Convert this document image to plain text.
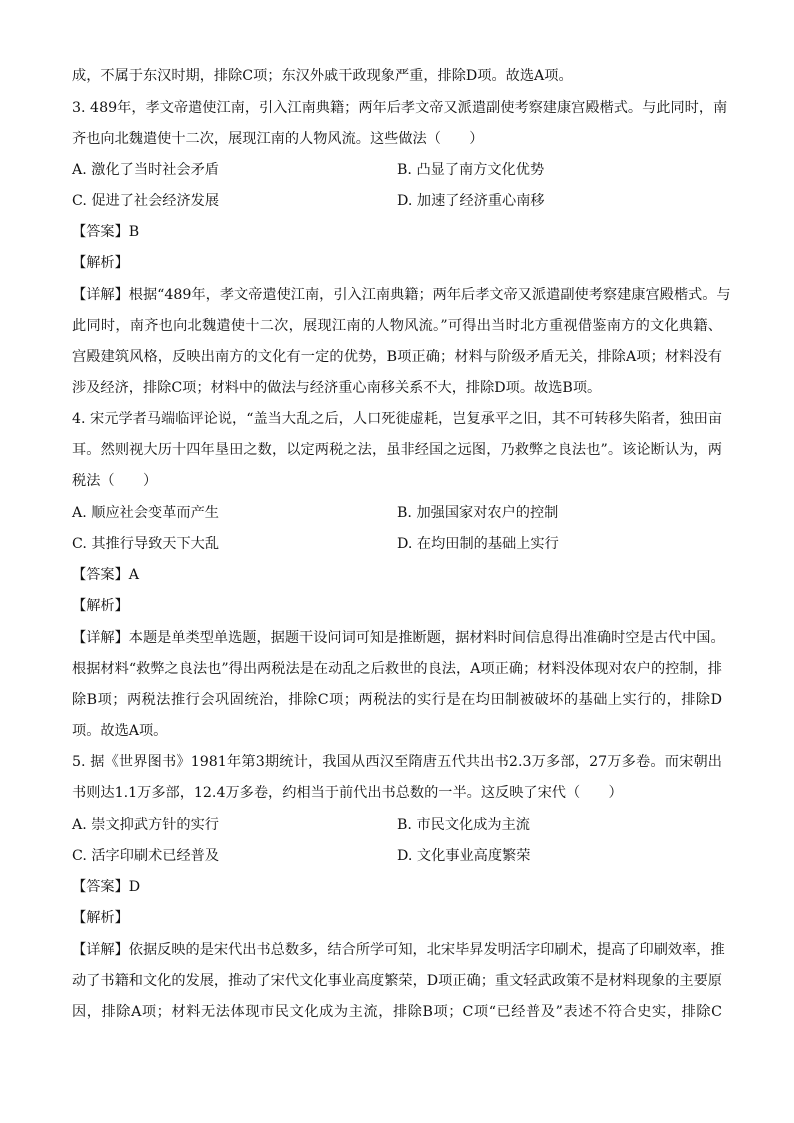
成，不属于东汉时期，排除C项；东汉外戚干政现象严重，排除D项。故选A项。
3. 489年，孝文帝遣使江南，引入江南典籍；两年后孝文帝又派遣副使考察建康宫殿楷式。与此同时，南
齐也向北魏遣使十二次，展现江南的人物风流。这些做法（　　）
A. 激化了当时社会矛盾	B. 凸显了南方文化优势
C. 促进了社会经济发展	D. 加速了经济重心南移
【答案】B
【解析】
【详解】根据“489年，孝文帝遣使江南，引入江南典籍；两年后孝文帝又派遣副使考察建康宫殿楷式。与
此同时，南齐也向北魏遣使十二次，展现江南的人物风流。”可得出当时北方重视借鉴南方的文化典籍、
宫殿建筑风格，反映出南方的文化有一定的优势，B项正确；材料与阶级矛盾无关，排除A项；材料没有
涉及经济，排除C项；材料中的做法与经济重心南移关系不大，排除D项。故选B项。
4. 宋元学者马端临评论说，“盖当大乱之后，人口死徙虚耗，岂复承平之旧，其不可转移失陷者，独田亩
耳。然则视大历十四年垦田之数，以定两税之法，虽非经国之远图，乃救弊之良法也”。该论断认为，两
税法（　　）
A. 顺应社会变革而产生	B. 加强国家对农户的控制
C. 其推行导致天下大乱	D. 在均田制的基础上实行
【答案】A
【解析】
【详解】本题是单类型单选题，据题干设问词可知是推断题，据材料时间信息得出准确时空是古代中国。
根据材料“救弊之良法也”得出两税法是在动乱之后救世的良法，A项正确；材料没体现对农户的控制，排
除B项；两税法推行会巩固统治，排除C项；两税法的实行是在均田制被破坏的基础上实行的，排除D
项。故选A项。
5. 据《世界图书》1981年第3期统计，我国从西汉至隋唐五代共出书2.3万多部，27万多卷。而宋朝出
书则达1.1万多部，12.4万多卷，约相当于前代出书总数的一半。这反映了宋代（　　）
A. 崇文抑武方针的实行	B. 市民文化成为主流
C. 活字印刷术已经普及	D. 文化事业高度繁荣
【答案】D
【解析】
【详解】依据反映的是宋代出书总数多，结合所学可知，北宋毕昇发明活字印刷术，提高了印刷效率，推
动了书籍和文化的发展，推动了宋代文化事业高度繁荣，D项正确；重文轻武政策不是材料现象的主要原
因，排除A项；材料无法体现市民文化成为主流，排除B项；C项“已经普及”表述不符合史实，排除C
